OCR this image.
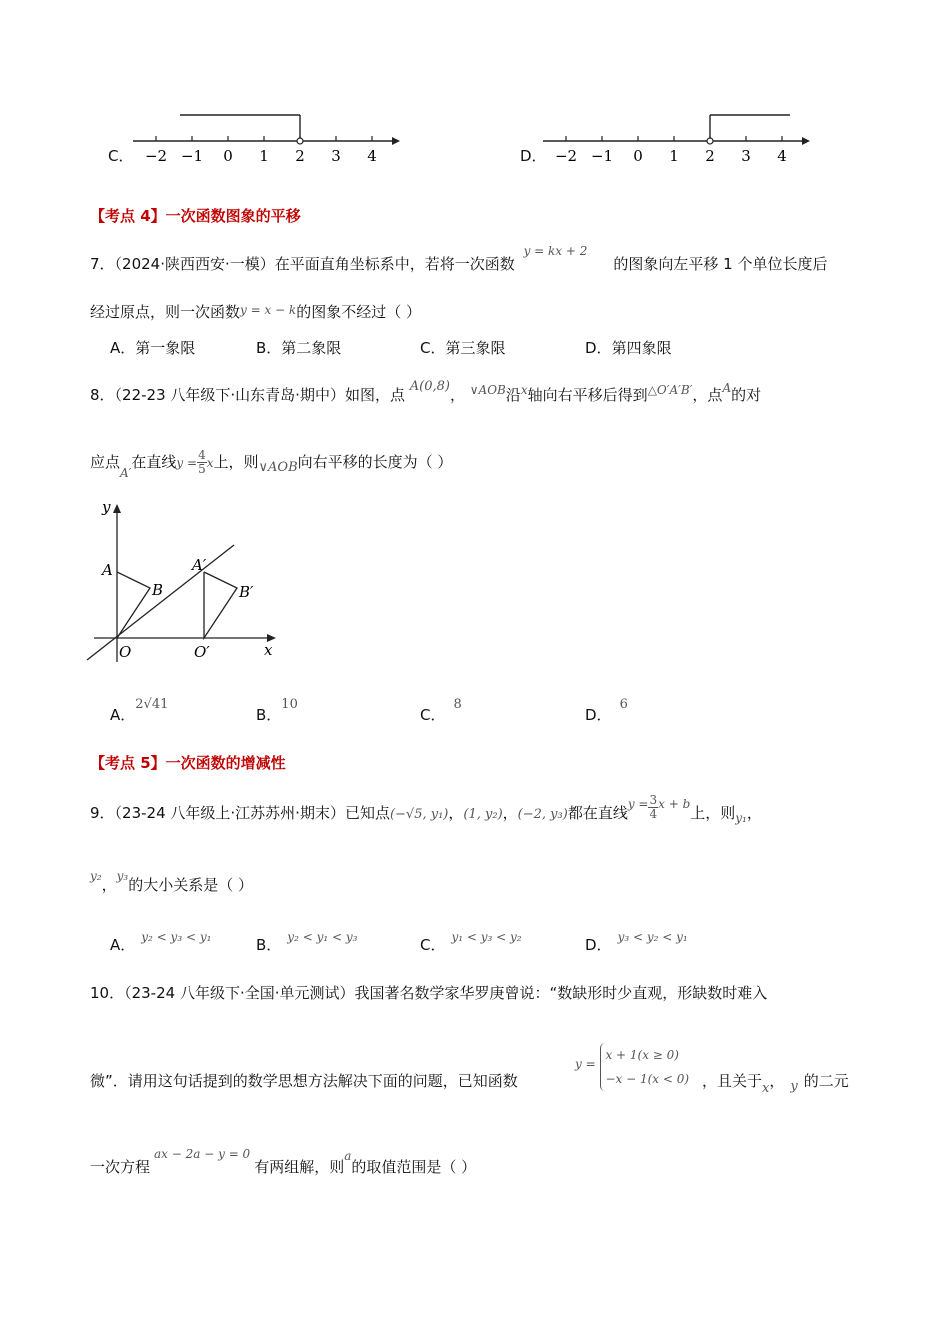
C． −2 −1 0 1 2 3 4	D． −2 −1 0 1 2 3 4
【考点 4】一次函数图象的平移
7．（2024·陕西西安·一模）在平面直角坐标系中，若将一次函数 $^{y = kx + 2}$的图象向左平移 1 个单位长度后
经过原点，则一次函数$^{y = x - k}$的图象不经过（ ）
A．第一象限	B．第二象限	C．第三象限	D．第四象限
8．（22-23 八年级下·山东青岛·期中）如图，点 A(0,8)， $^{\vee AOB}$沿$^x$轴向右平移后得到$^{\triangle O'A'B'}$，点$^A$的对
应点$_{A'}$在直线$y = \frac{4}{5}$ x上，则∨AOB向右平移的长度为（ ）
y
x
A
B
O
A′
B′
O′
A．2√41
B．10
C．8
D．6
【考点 5】一次函数的增减性
9．（23-24 八年级上·江苏苏州·期末）已知点(−√5, y₁)，(1, y₂)，(−2, y₃)都在直线$^{y =} \frac{3}{4} ^{x + b}$上，则$_{y_1}$，
$^{y_2}$，$^{y_3}$的大小关系是（ ）
A． $^{y_2 < y_3 < y_1}$	B． $^{y_2 < y_1 < y_3}$	C． $^{y_1 < y_3 < y_2}$	D． $^{y_3 < y_2 < y_1}$
10．（23-24 八年级下·全国·单元测试）我国著名数学家华罗庚曾说：“数缺形时少直观，形缺数时难入
微”．请用这句话提到的数学思想方法解决下面的问题，已知函数
$^{y =}$
x + 1(x ≥ 0)
−x − 1(x < 0) ，且关于x， y 的二元
一次方程$^{ax - 2a - y = 0}$有两组解，则$^a$的取值范围是（ ）
